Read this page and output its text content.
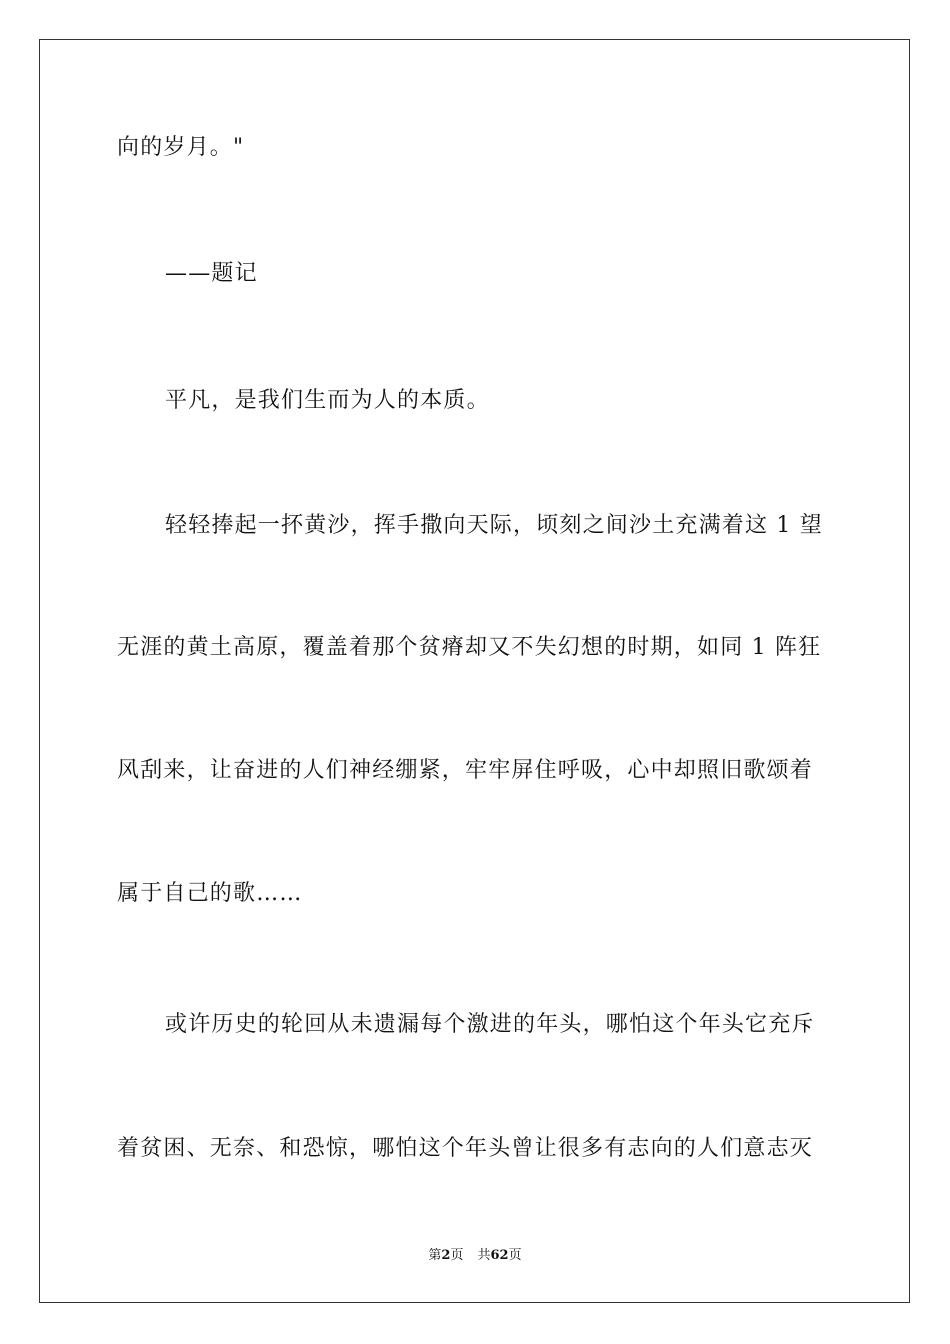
向的岁月。"
——题记
平凡，是我们生而为人的本质。
轻轻捧起一抔黄沙，挥手撒向天际，顷刻之间沙土充满着这 1 望
无涯的黄土高原，覆盖着那个贫瘠却又不失幻想的时期，如同 1 阵狂
风刮来，让奋进的人们神经绷紧，牢牢屏住呼吸，心中却照旧歌颂着
属于自己的歌……
或许历史的轮回从未遗漏每个激进的年头，哪怕这个年头它充斥
着贫困、无奈、和恐惊，哪怕这个年头曾让很多有志向的人们意志灭
第2页 共62页
